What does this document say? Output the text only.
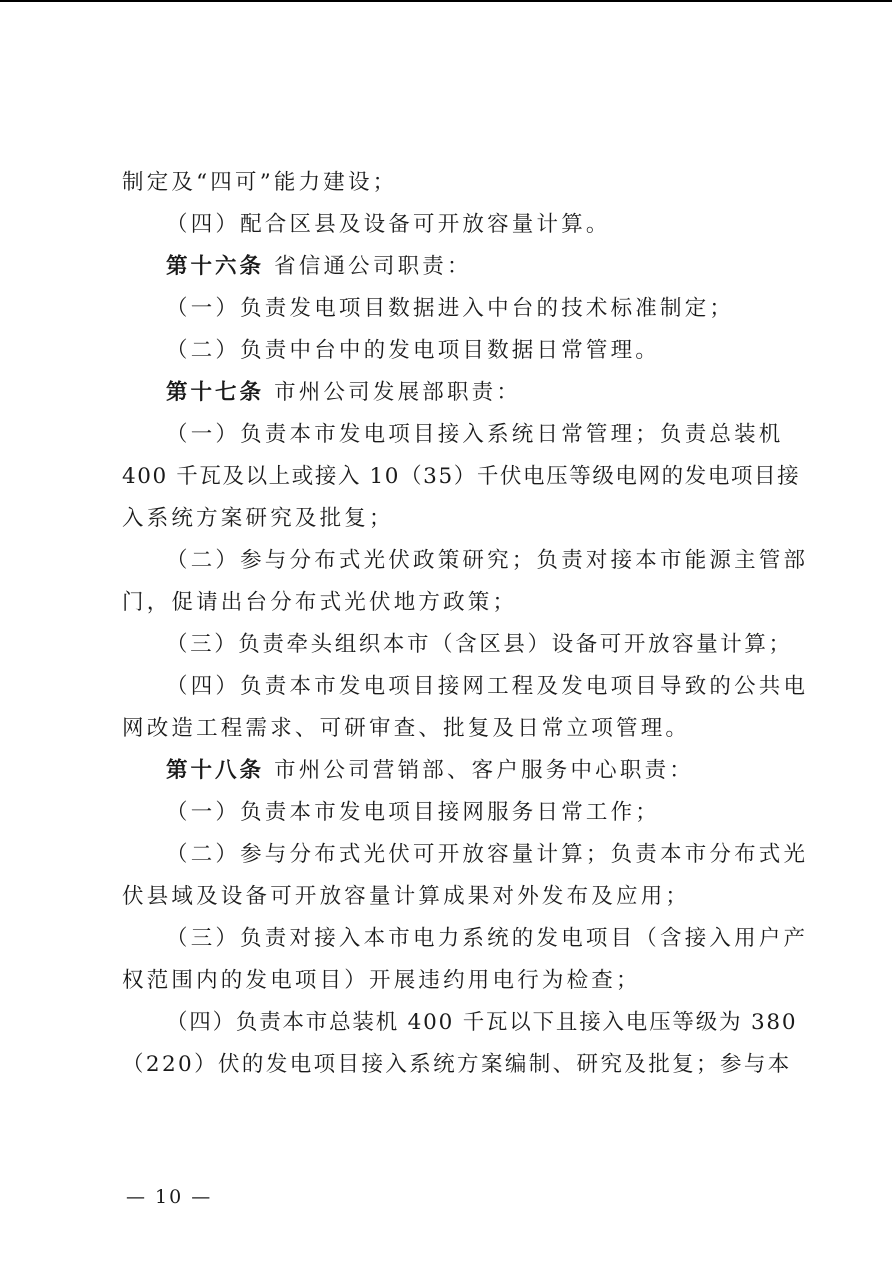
制定及“四可”能力建设；
（四）配合区县及设备可开放容量计算。
第十六条 省信通公司职责：
（一）负责发电项目数据进入中台的技术标准制定；
（二）负责中台中的发电项目数据日常管理。
第十七条 市州公司发展部职责：
（一）负责本市发电项目接入系统日常管理；负责总装机
400 千瓦及以上或接入 10（35）千伏电压等级电网的发电项目接
入系统方案研究及批复；
（二）参与分布式光伏政策研究；负责对接本市能源主管部
门，促请出台分布式光伏地方政策；
（三）负责牵头组织本市（含区县）设备可开放容量计算；
（四）负责本市发电项目接网工程及发电项目导致的公共电
网改造工程需求、可研审查、批复及日常立项管理。
第十八条 市州公司营销部、客户服务中心职责：
（一）负责本市发电项目接网服务日常工作；
（二）参与分布式光伏可开放容量计算；负责本市分布式光
伏县域及设备可开放容量计算成果对外发布及应用；
（三）负责对接入本市电力系统的发电项目（含接入用户产
权范围内的发电项目）开展违约用电行为检查；
（四）负责本市总装机 400 千瓦以下且接入电压等级为 380
（220）伏的发电项目接入系统方案编制、研究及批复；参与本
— 10 —
